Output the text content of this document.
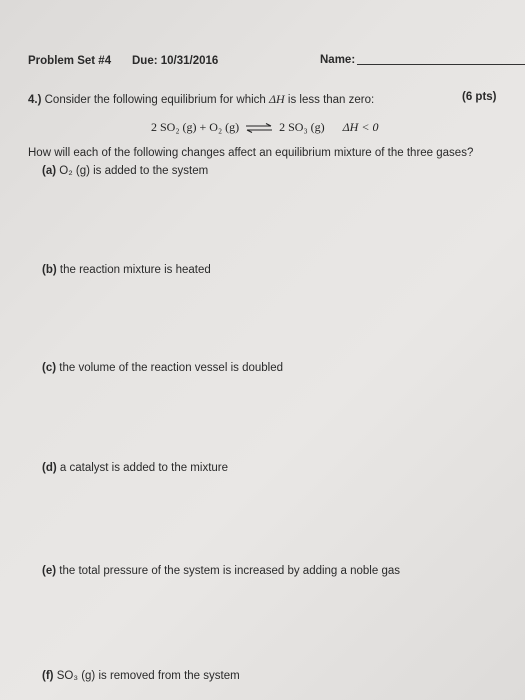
Problem Set #4 Due: 10/31/2016	Name:
4.) Consider the following equilibrium for which ΔH is less than zero:	(6 pts)
2 SO₂ (g) + O₂ (g) ⇌ 2 SO₃ (g) ΔH < 0
How will each of the following changes affect an equilibrium mixture of the three gases?
(a) O₂ (g) is added to the system
(b) the reaction mixture is heated
(c) the volume of the reaction vessel is doubled
(d) a catalyst is added to the mixture
(e) the total pressure of the system is increased by adding a noble gas
(f) SO₃ (g) is removed from the system
